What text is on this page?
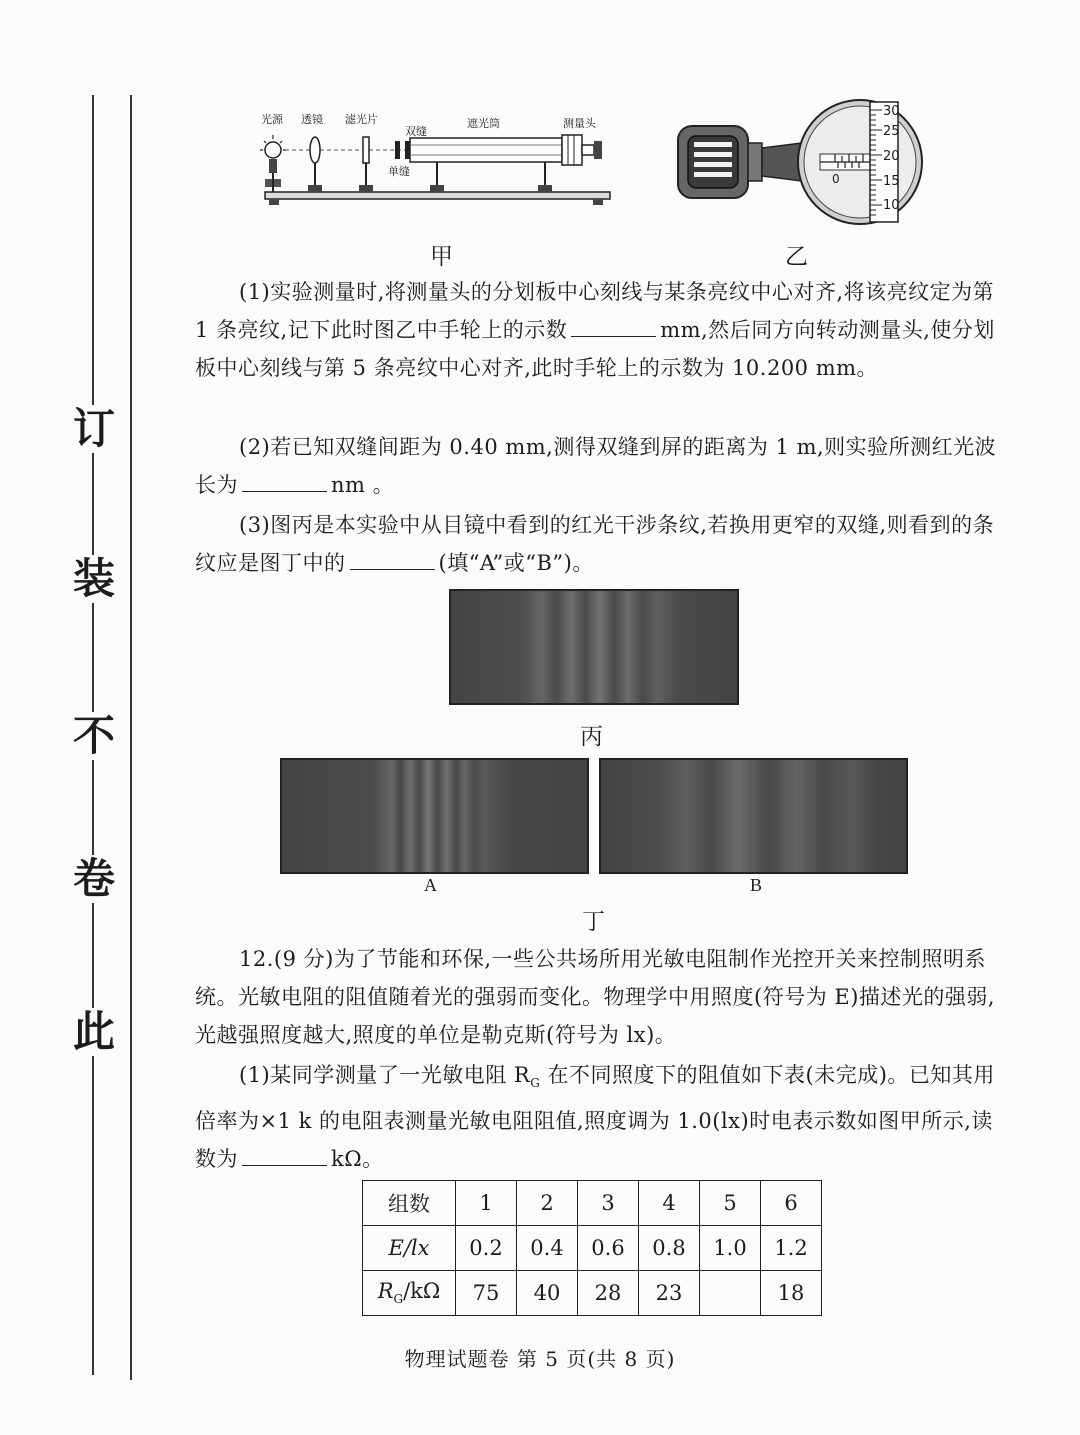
订
装
不
卷
此
光源 透镜 滤光片
双缝
单缝
遮光筒	测量头
甲
30
25
20
15
10
0
乙

(1)实验测量时,将测量头的分划板中心刻线与某条亮纹中心对齐,将该亮纹定为第 1 条亮纹,记下此时图乙中手轮上的示数	mm,然后同方向转动测量头,使分划板中心刻线与第 5 条亮纹中心对齐,此时手轮上的示数为 10.200 mm。

(2)若已知双缝间距为 0.40 mm,测得双缝到屏的距离为 1 m,则实验所测红光波长为	nm 。

(3)图丙是本实验中从目镜中看到的红光干涉条纹,若换用更窄的双缝,则看到的条纹应是图丁中的	(填“A”或“B”)。

丙
A	B
丁

12.(9 分)为了节能和环保,一些公共场所用光敏电阻制作光控开关来控制照明系统。光敏电阻的阻值随着光的强弱而变化。物理学中用照度(符号为 E)描述光的强弱,光越强照度越大,照度的单位是勒克斯(符号为 lx)。

(1)某同学测量了一光敏电阻 $R_G$ 在不同照度下的阻值如下表(未完成)。已知其用倍率为×1 k 的电阻表测量光敏电阻阻值,照度调为 1.0(lx)时电表示数如图甲所示,读数为	kΩ。

组数	1	2	3	4	5	6
E/lx	0.2	0.4	0.6	0.8	1.0	1.2
$R_G/k\Omega$	75	40	28	23		18
物理试题卷 第 5 页(共 8 页)
